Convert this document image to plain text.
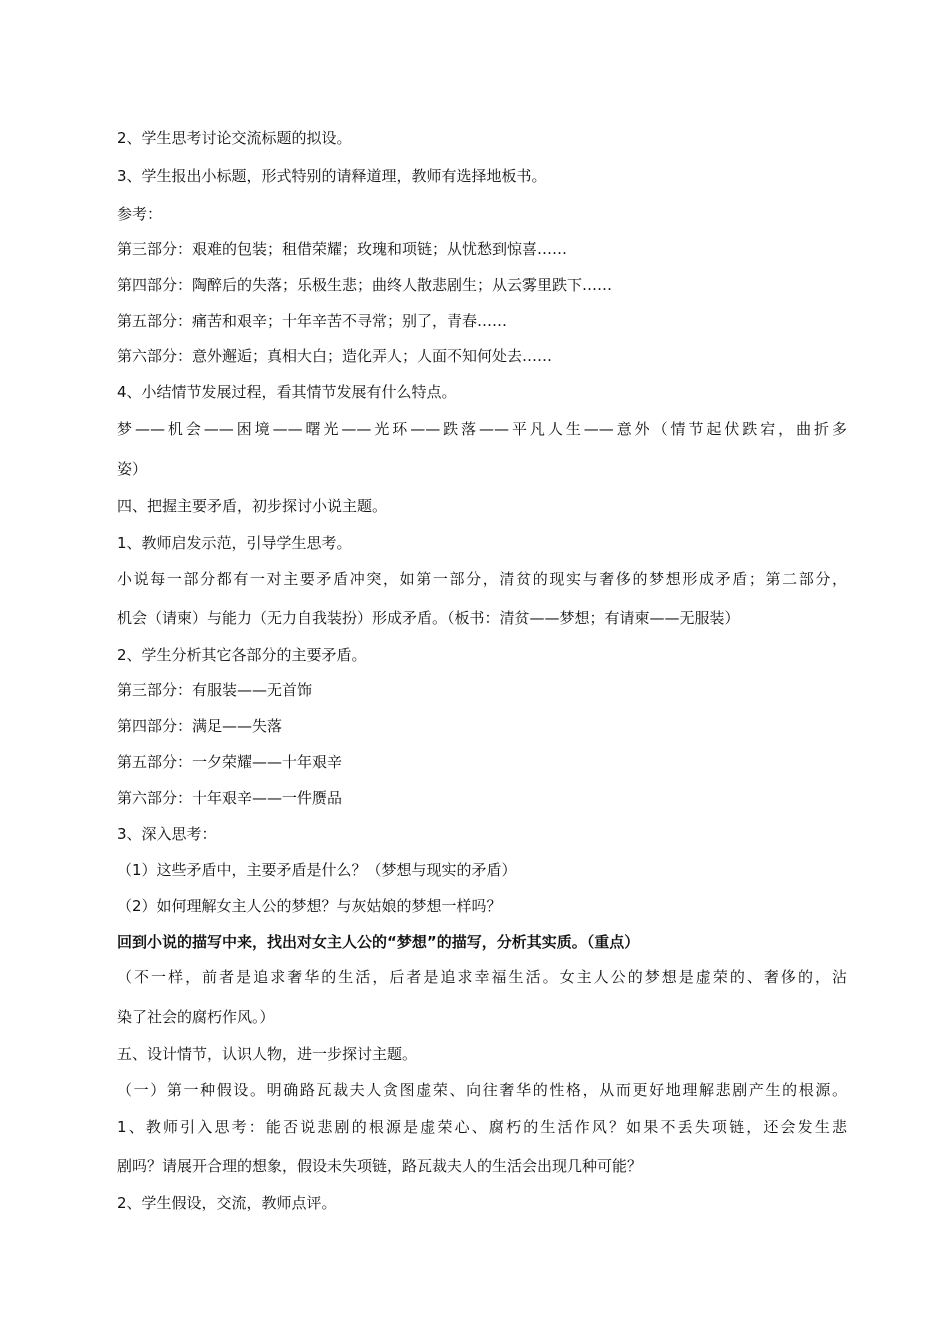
2、学生思考讨论交流标题的拟设。
3、学生报出小标题，形式特别的请释道理，教师有选择地板书。
参考：
第三部分：艰难的包装；租借荣耀；玫瑰和项链；从忧愁到惊喜……
第四部分：陶醉后的失落；乐极生悲；曲终人散悲剧生；从云雾里跌下……
第五部分：痛苦和艰辛；十年辛苦不寻常；别了，青春……
第六部分：意外邂逅；真相大白；造化弄人；人面不知何处去……
4、小结情节发展过程，看其情节发展有什么特点。
梦——机会——困境——曙光——光环——跌落——平凡人生——意外（情节起伏跌宕，曲折多
姿）
四、把握主要矛盾，初步探讨小说主题。
1、教师启发示范，引导学生思考。
小说每一部分都有一对主要矛盾冲突，如第一部分，清贫的现实与奢侈的梦想形成矛盾；第二部分，
机会（请柬）与能力（无力自我装扮）形成矛盾。（板书：清贫——梦想；有请柬——无服装）
2、学生分析其它各部分的主要矛盾。
第三部分：有服装——无首饰
第四部分：满足——失落
第五部分：一夕荣耀——十年艰辛
第六部分：十年艰辛——一件赝品
3、深入思考：
（1）这些矛盾中，主要矛盾是什么？（梦想与现实的矛盾）
（2）如何理解女主人公的梦想？与灰姑娘的梦想一样吗？
回到小说的描写中来，找出对女主人公的“梦想”的描写，分析其实质。（重点）
（不一样，前者是追求奢华的生活，后者是追求幸福生活。女主人公的梦想是虚荣的、奢侈的，沾
染了社会的腐朽作风。）
五、设计情节，认识人物，进一步探讨主题。
（一）第一种假设。明确路瓦裁夫人贪图虚荣、向往奢华的性格，从而更好地理解悲剧产生的根源。
1、教师引入思考：能否说悲剧的根源是虚荣心、腐朽的生活作风？如果不丢失项链，还会发生悲
剧吗？请展开合理的想象，假设未失项链，路瓦裁夫人的生活会出现几种可能？
2、学生假设，交流，教师点评。
